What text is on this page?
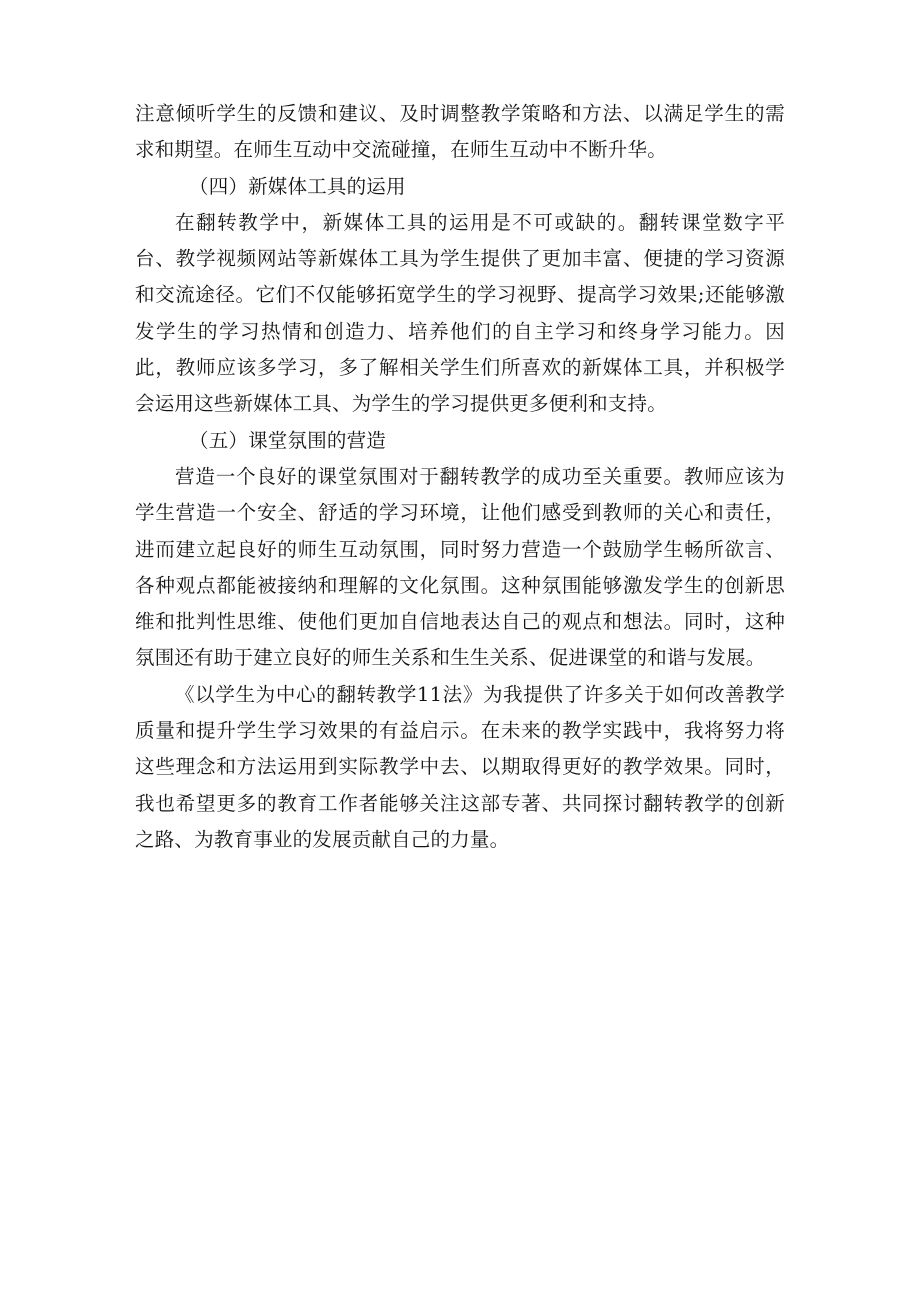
注意倾听学生的反馈和建议、及时调整教学策略和方法、以满足学生的需求和期望。在师生互动中交流碰撞，在师生互动中不断升华。

（四）新媒体工具的运用

在翻转教学中，新媒体工具的运用是不可或缺的。翻转课堂数字平台、教学视频网站等新媒体工具为学生提供了更加丰富、便捷的学习资源和交流途径。它们不仅能够拓宽学生的学习视野、提高学习效果;还能够激发学生的学习热情和创造力、培养他们的自主学习和终身学习能力。因此，教师应该多学习，多了解相关学生们所喜欢的新媒体工具，并积极学会运用这些新媒体工具、为学生的学习提供更多便利和支持。

（五）课堂氛围的营造

营造一个良好的课堂氛围对于翻转教学的成功至关重要。教师应该为学生营造一个安全、舒适的学习环境，让他们感受到教师的关心和责任，进而建立起良好的师生互动氛围，同时努力营造一个鼓励学生畅所欲言、各种观点都能被接纳和理解的文化氛围。这种氛围能够激发学生的创新思维和批判性思维、使他们更加自信地表达自己的观点和想法。同时，这种氛围还有助于建立良好的师生关系和生生关系、促进课堂的和谐与发展。

《以学生为中心的翻转教学11法》为我提供了许多关于如何改善教学质量和提升学生学习效果的有益启示。在未来的教学实践中，我将努力将这些理念和方法运用到实际教学中去、以期取得更好的教学效果。同时，我也希望更多的教育工作者能够关注这部专著、共同探讨翻转教学的创新之路、为教育事业的发展贡献自己的力量。
